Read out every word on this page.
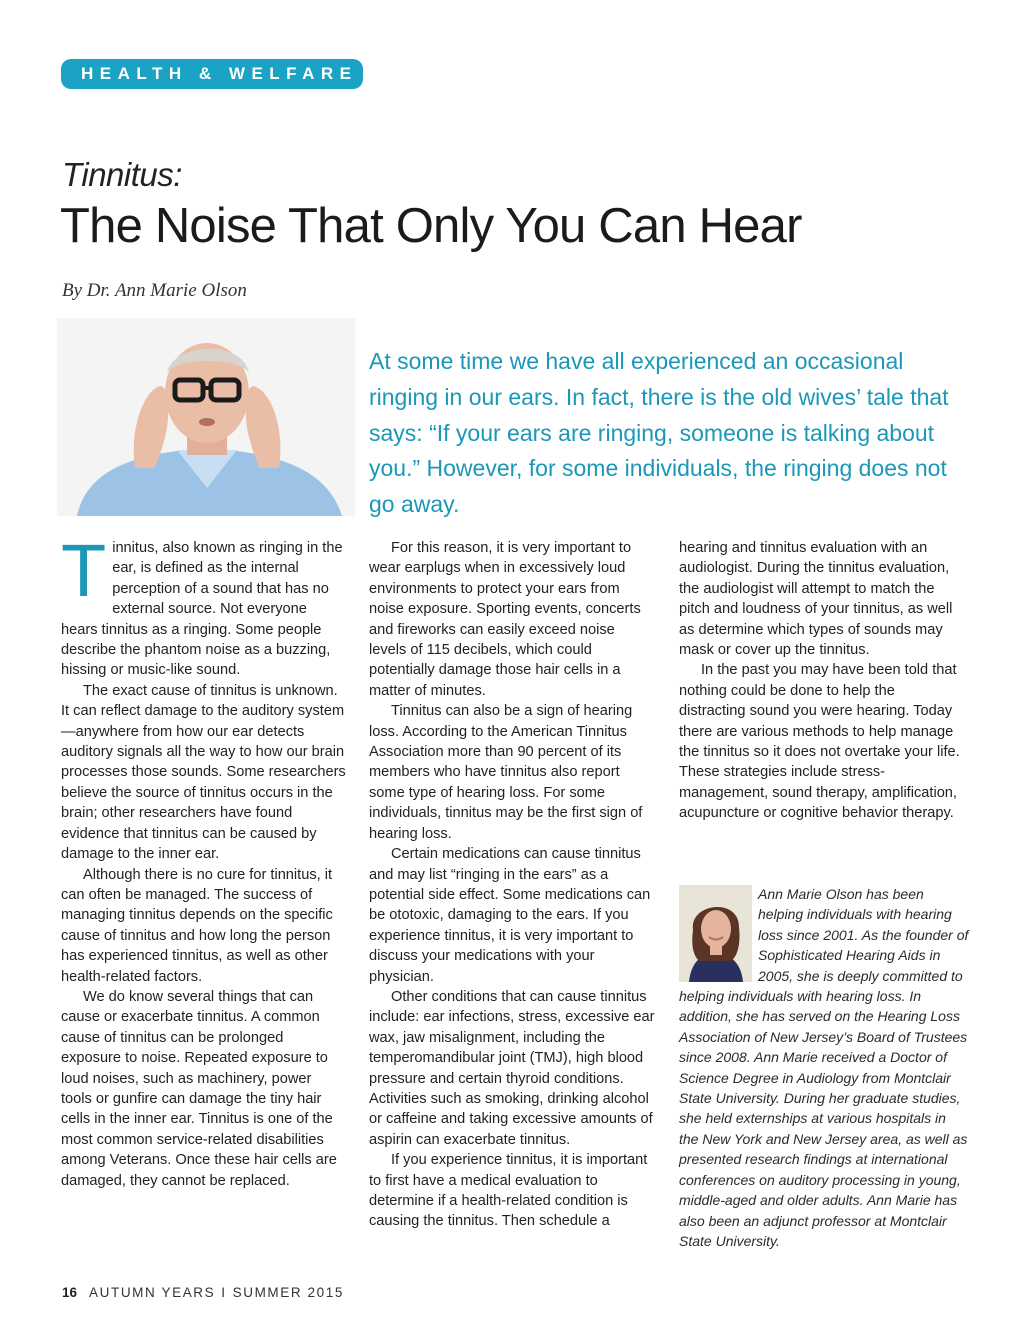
HEALTH & WELFARE
Tinnitus:
The Noise That Only You Can Hear
By Dr. Ann Marie Olson
At some time we have all experienced an occasional ringing in our ears. In fact, there is the old wives’ tale that says: “If your ears are ringing, someone is talking about you.” However, for some individuals, the ringing does not go away.

Tinnitus, also known as ringing in the ear, is defined as the internal perception of a sound that has no external source. Not everyone hears tinnitus as a ringing. Some people describe the phantom noise as a buzzing, hissing or music-like sound.

The exact cause of tinnitus is unknown. It can reflect damage to the auditory system—anywhere from how our ear detects auditory signals all the way to how our brain processes those sounds. Some researchers believe the source of tinnitus occurs in the brain; other researchers have found evidence that tinnitus can be caused by damage to the inner ear.

Although there is no cure for tinnitus, it can often be managed. The success of managing tinnitus depends on the specific cause of tinnitus and how long the person has experienced tinnitus, as well as other health-related factors.

We do know several things that can cause or exacerbate tinnitus. A common cause of tinnitus can be prolonged exposure to noise. Repeated exposure to loud noises, such as machinery, power tools or gunfire can damage the tiny hair cells in the inner ear. Tinnitus is one of the most common service-related disabilities among Veterans. Once these hair cells are damaged, they cannot be replaced.

For this reason, it is very important to wear earplugs when in excessively loud environments to protect your ears from noise exposure. Sporting events, concerts and fireworks can easily exceed noise levels of 115 decibels, which could potentially damage those hair cells in a matter of minutes.

Tinnitus can also be a sign of hearing loss. According to the American Tinnitus Association more than 90 percent of its members who have tinnitus also report some type of hearing loss. For some individuals, tinnitus may be the first sign of hearing loss.

Certain medications can cause tinnitus and may list “ringing in the ears” as a potential side effect. Some medications can be ototoxic, damaging to the ears. If you experience tinnitus, it is very important to discuss your medications with your physician.

Other conditions that can cause tinnitus include: ear infections, stress, excessive ear wax, jaw misalignment, including the temperomandibular joint (TMJ), high blood pressure and certain thyroid conditions. Activities such as smoking, drinking alcohol or caffeine and taking excessive amounts of aspirin can exacerbate tinnitus.

If you experience tinnitus, it is important to first have a medical evaluation to determine if a health-related condition is causing the tinnitus. Then schedule a

hearing and tinnitus evaluation with an audiologist. During the tinnitus evaluation, the audiologist will attempt to match the pitch and loudness of your tinnitus, as well as determine which types of sounds may mask or cover up the tinnitus.

In the past you may have been told that nothing could be done to help the distracting sound you were hearing. Today there are various methods to help manage the tinnitus so it does not overtake your life. These strategies include stress-management, sound therapy, amplification, acupuncture or cognitive behavior therapy.

Ann Marie Olson has been helping individuals with hearing loss since 2001. As the founder of Sophisticated Hearing Aids in 2005, she is deeply committed to helping individuals with hearing loss. In addition, she has served on the Hearing Loss Association of New Jersey’s Board of Trustees since 2008. Ann Marie received a Doctor of Science Degree in Audiology from Montclair State University. During her graduate studies, she held externships at various hospitals in the New York and New Jersey area, as well as presented research findings at international conferences on auditory processing in young, middle-aged and older adults. Ann Marie has also been an adjunct professor at Montclair State University.
16 AUTUMN YEARS I SUMMER 2015
